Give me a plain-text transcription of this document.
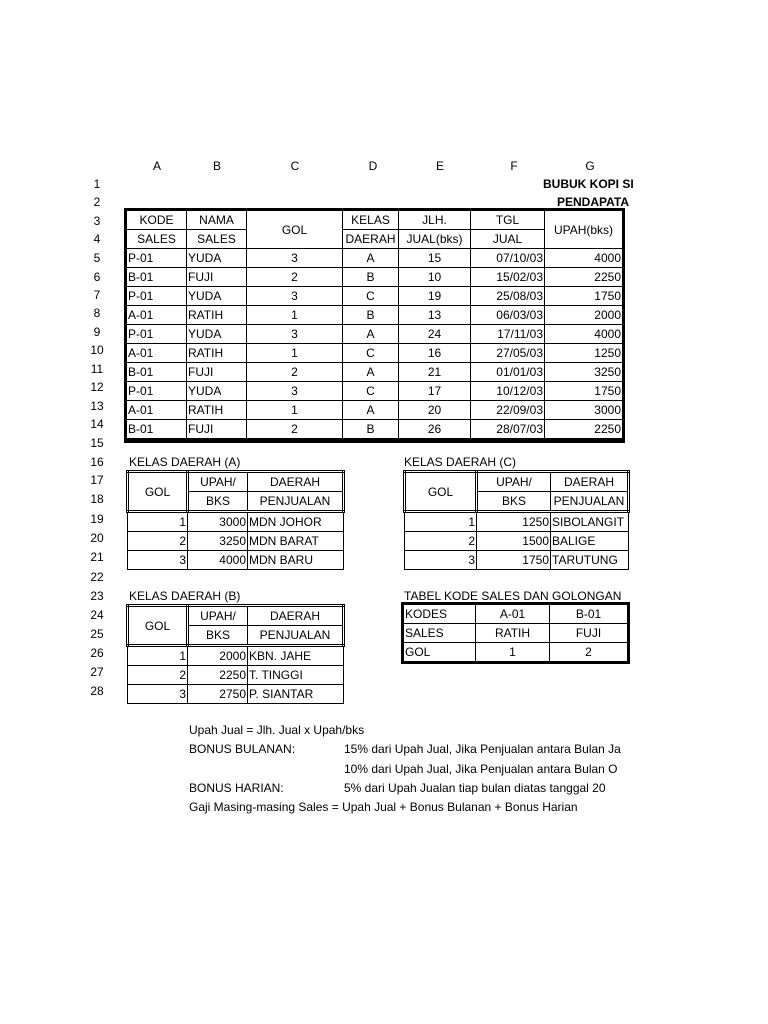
A	B	C	D	E	F	G
1
2
3
4
5
6
7
8
9
10
11
12
13
14
15
16
17
18
19
20
21
22
23
24
25
26
27
28
BUBUK KOPI SI
PENDAPATA
KODE	NAMA	GOL	KELAS	JLH.	TGL	UPAH(bks)
SALES	SALES		DAERAH	JUAL(bks)	JUAL	
P-01	YUDA	3	A	15	07/10/03	4000
B-01	FUJI	2	B	10	15/02/03	2250
P-01	YUDA	3	C	19	25/08/03	1750
A-01	RATIH	1	B	13	06/03/03	2000
P-01	YUDA	3	A	24	17/11/03	4000
A-01	RATIH	1	C	16	27/05/03	1250
B-01	FUJI	2	A	21	01/01/03	3250
P-01	YUDA	3	C	17	10/12/03	1750
A-01	RATIH	1	A	20	22/09/03	3000
B-01	FUJI	2	B	26	28/07/03	2250
KELAS DAERAH (A)
GOL	UPAH/	DAERAH
	BKS	PENJUALAN
1	3000	MDN JOHOR
2	3250	MDN BARAT
3	4000	MDN BARU
KELAS DAERAH (C)
GOL	UPAH/	DAERAH
	BKS	PENJUALAN
1	1250	SIBOLANGIT
2	1500	BALIGE
3	1750	TARUTUNG
KELAS DAERAH (B)
GOL	UPAH/	DAERAH
	BKS	PENJUALAN
1	2000	KBN. JAHE
2	2250	T. TINGGI
3	2750	P. SIANTAR
TABEL KODE SALES DAN GOLONGAN
KODES	A-01	B-01
SALES	RATIH	FUJI
GOL	1	2
Upah Jual = Jlh. Jual x Upah/bks
BONUS BULANAN:	15% dari Upah Jual, Jika Penjualan antara Bulan Ja
10% dari Upah Jual, Jika Penjualan antara Bulan O
BONUS HARIAN:	5% dari Upah Jualan tiap bulan diatas tanggal 20
Gaji Masing-masing Sales = Upah Jual + Bonus Bulanan + Bonus Harian
